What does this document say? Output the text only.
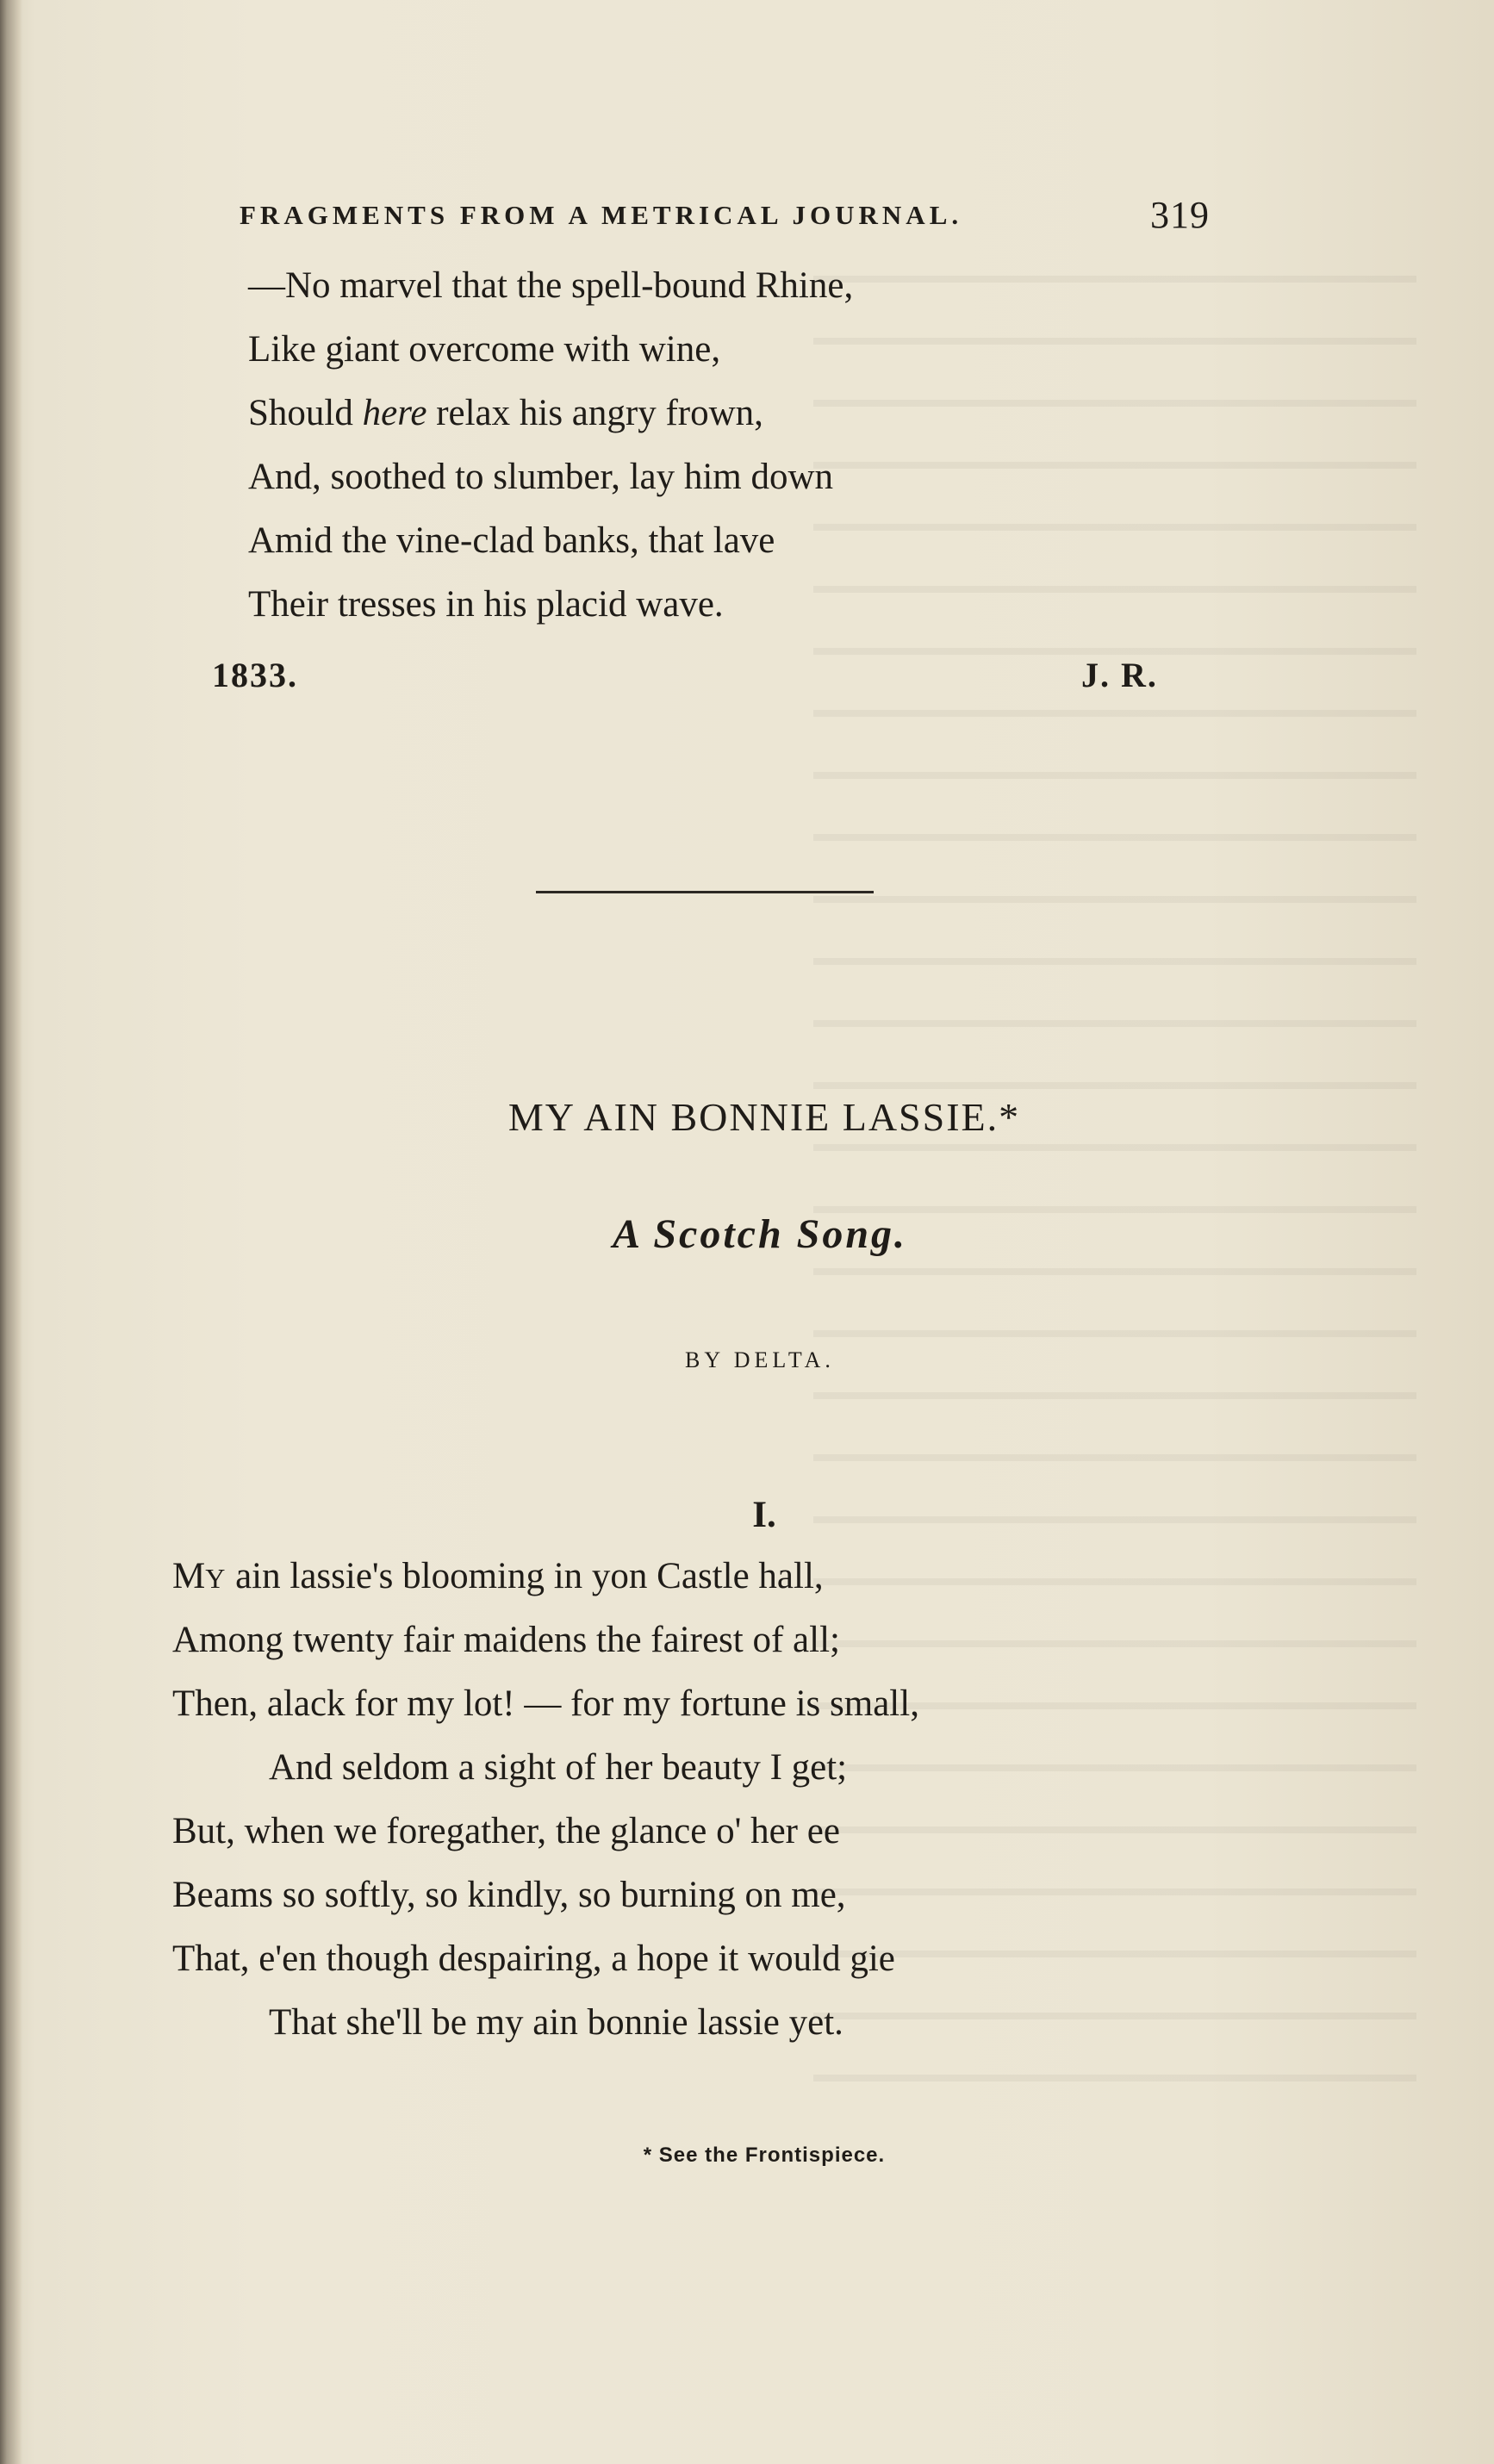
FRAGMENTS FROM A METRICAL JOURNAL.	319
—No marvel that the spell-bound Rhine,
Like giant overcome with wine,
Should here relax his angry frown,
And, soothed to slumber, lay him down
Amid the vine-clad banks, that lave
Their tresses in his placid wave.
1833.	J. R.
MY AIN BONNIE LASSIE.*
A Scotch Song.
BY DELTA.
I.
MY ain lassie's blooming in yon Castle hall,
Among twenty fair maidens the fairest of all;
Then, alack for my lot! — for my fortune is small,
And seldom a sight of her beauty I get;
But, when we foregather, the glance o' her ee
Beams so softly, so kindly, so burning on me,
That, e'en though despairing, a hope it would gie
That she'll be my ain bonnie lassie yet.
* See the Frontispiece.
